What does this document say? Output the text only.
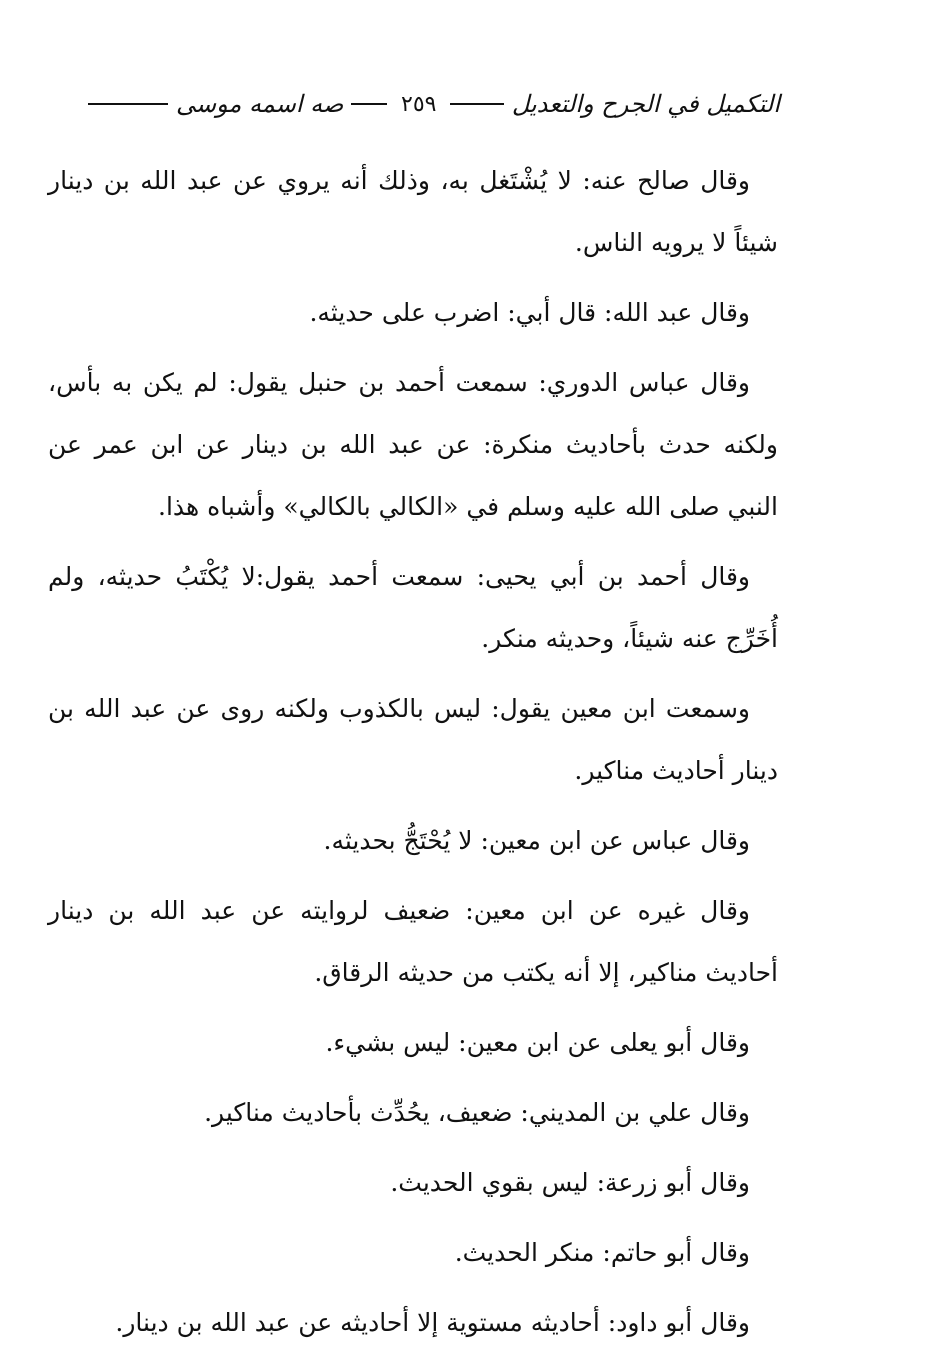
التكميل في الجرح والتعديل
٢٥٩
صه اسمه موسى

وقال صالح عنه: لا يُشْتَغل به، وذلك أنه يروي عن عبد الله بن دينار شيئاً لا يرويه الناس.

وقال عبد الله: قال أبي: اضرب على حديثه.

وقال عباس الدوري: سمعت أحمد بن حنبل يقول: لم يكن به بأس، ولكنه حدث بأحاديث منكرة: عن عبد الله بن دينار عن ابن عمر عن النبي صلى الله عليه وسلم في «الكالي بالكالي» وأشباه هذا.

وقال أحمد بن أبي يحيى: سمعت أحمد يقول:لا يُكْتَبُ حديثه، ولم أُخَرِّج عنه شيئاً، وحديثه منكر.

وسمعت ابن معين يقول: ليس بالكذوب ولكنه روى عن عبد الله بن دينار أحاديث مناكير.

وقال عباس عن ابن معين: لا يُحْتَجُّ بحديثه.

وقال غيره عن ابن معين: ضعيف لروايته عن عبد الله بن دينار أحاديث مناكير، إلا أنه يكتب من حديثه الرقاق.

وقال أبو يعلى عن ابن معين: ليس بشيء.

وقال علي بن المديني: ضعيف، يحُدِّث بأحاديث مناكير.

وقال أبو زرعة: ليس بقوي الحديث.

وقال أبو حاتم: منكر الحديث.

وقال أبو داود: أحاديثه مستوية إلا أحاديثه عن عبد الله بن دينار.
